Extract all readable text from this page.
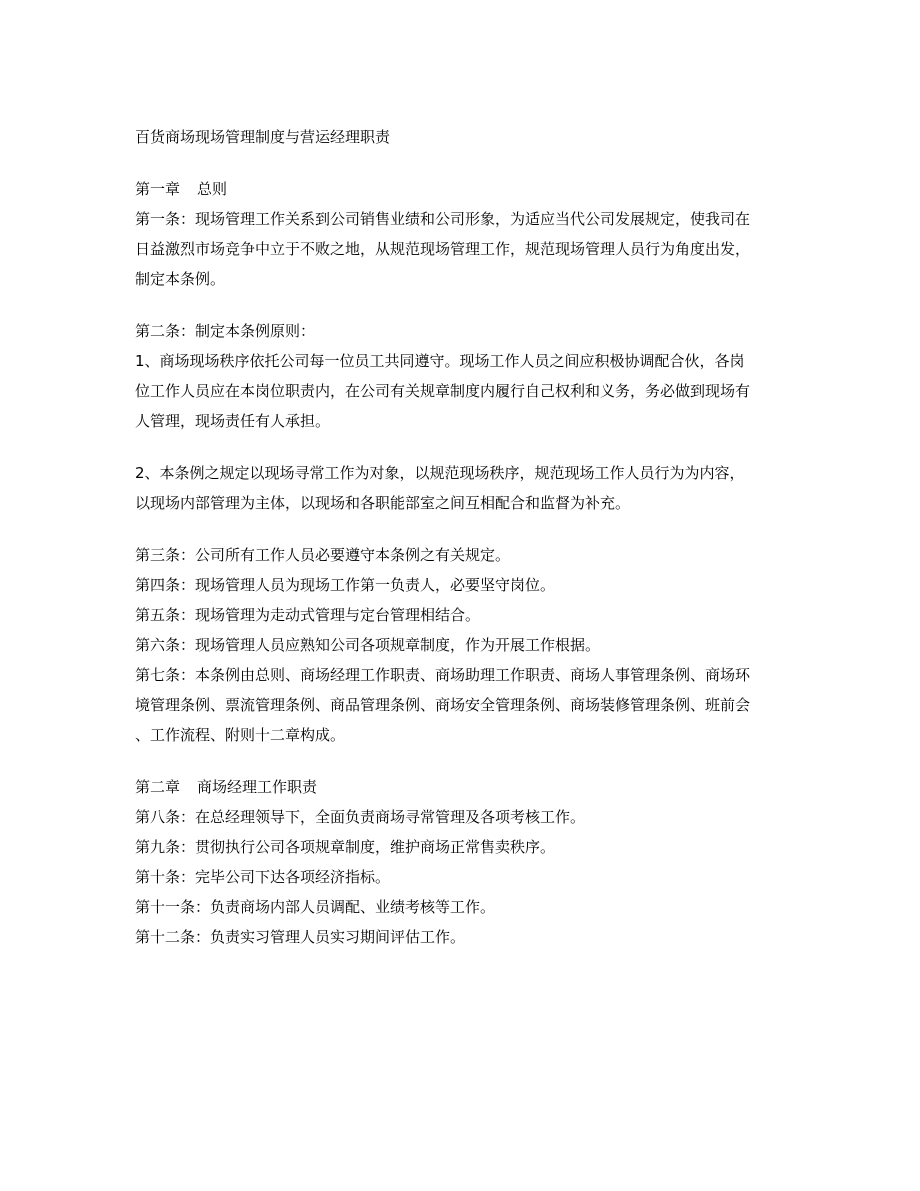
百货商场现场管理制度与营运经理职责
第一章 总则
第一条：现场管理工作关系到公司销售业绩和公司形象，为适应当代公司发展规定，使我司在
日益激烈市场竞争中立于不败之地，从规范现场管理工作，规范现场管理人员行为角度出发，
制定本条例。
第二条：制定本条例原则：
1、商场现场秩序依托公司每一位员工共同遵守。现场工作人员之间应积极协调配合伙，各岗
位工作人员应在本岗位职责内，在公司有关规章制度内履行自己权利和义务，务必做到现场有
人管理，现场责任有人承担。
2、本条例之规定以现场寻常工作为对象，以规范现场秩序，规范现场工作人员行为为内容，
以现场内部管理为主体，以现场和各职能部室之间互相配合和监督为补充。
第三条：公司所有工作人员必要遵守本条例之有关规定。
第四条：现场管理人员为现场工作第一负责人，必要坚守岗位。
第五条：现场管理为走动式管理与定台管理相结合。
第六条：现场管理人员应熟知公司各项规章制度，作为开展工作根据。
第七条：本条例由总则、商场经理工作职责、商场助理工作职责、商场人事管理条例、商场环
境管理条例、票流管理条例、商品管理条例、商场安全管理条例、商场装修管理条例、班前会
、工作流程、附则十二章构成。
第二章 商场经理工作职责
第八条：在总经理领导下，全面负责商场寻常管理及各项考核工作。
第九条：贯彻执行公司各项规章制度，维护商场正常售卖秩序。
第十条：完毕公司下达各项经济指标。
第十一条：负责商场内部人员调配、业绩考核等工作。
第十二条：负责实习管理人员实习期间评估工作。
